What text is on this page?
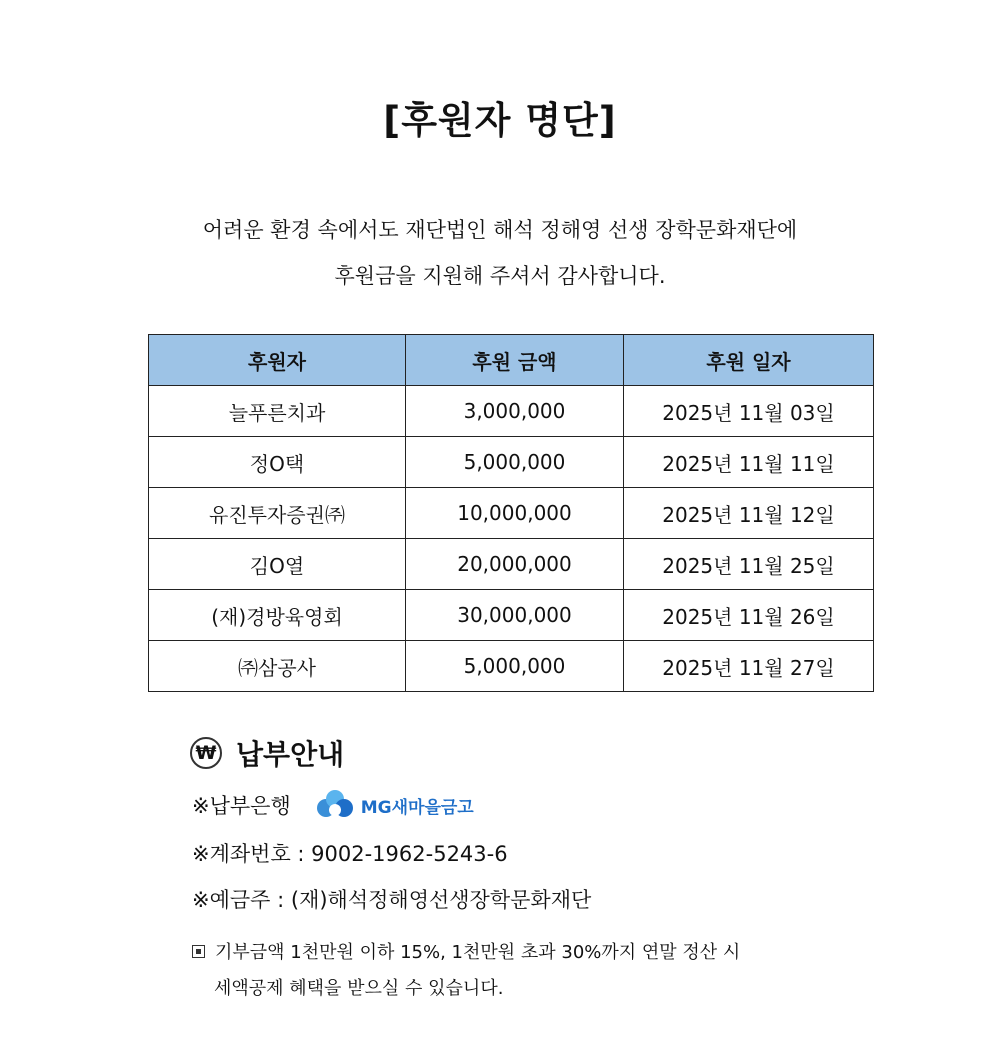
[후원자 명단]
어려운 환경 속에서도 재단법인 해석 정해영 선생 장학문화재단에
후원금을 지원해 주셔서 감사합니다.
후원자	후원 금액	후원 일자
늘푸른치과	3,000,000	2025년 11월 03일
정O택	5,000,000	2025년 11월 11일
유진투자증권㈜	10,000,000	2025년 11월 12일
김O열	20,000,000	2025년 11월 25일
(재)경방육영회	30,000,000	2025년 11월 26일
㈜삼공사	5,000,000	2025년 11월 27일
₩ 납부안내
※납부은행	MG새마을금고
※계좌번호 : 9002-1962-5243-6
※예금주 : (재)해석정해영선생장학문화재단
기부금액 1천만원 이하 15%, 1천만원 초과 30%까지 연말 정산 시
세액공제 혜택을 받으실 수 있습니다.
